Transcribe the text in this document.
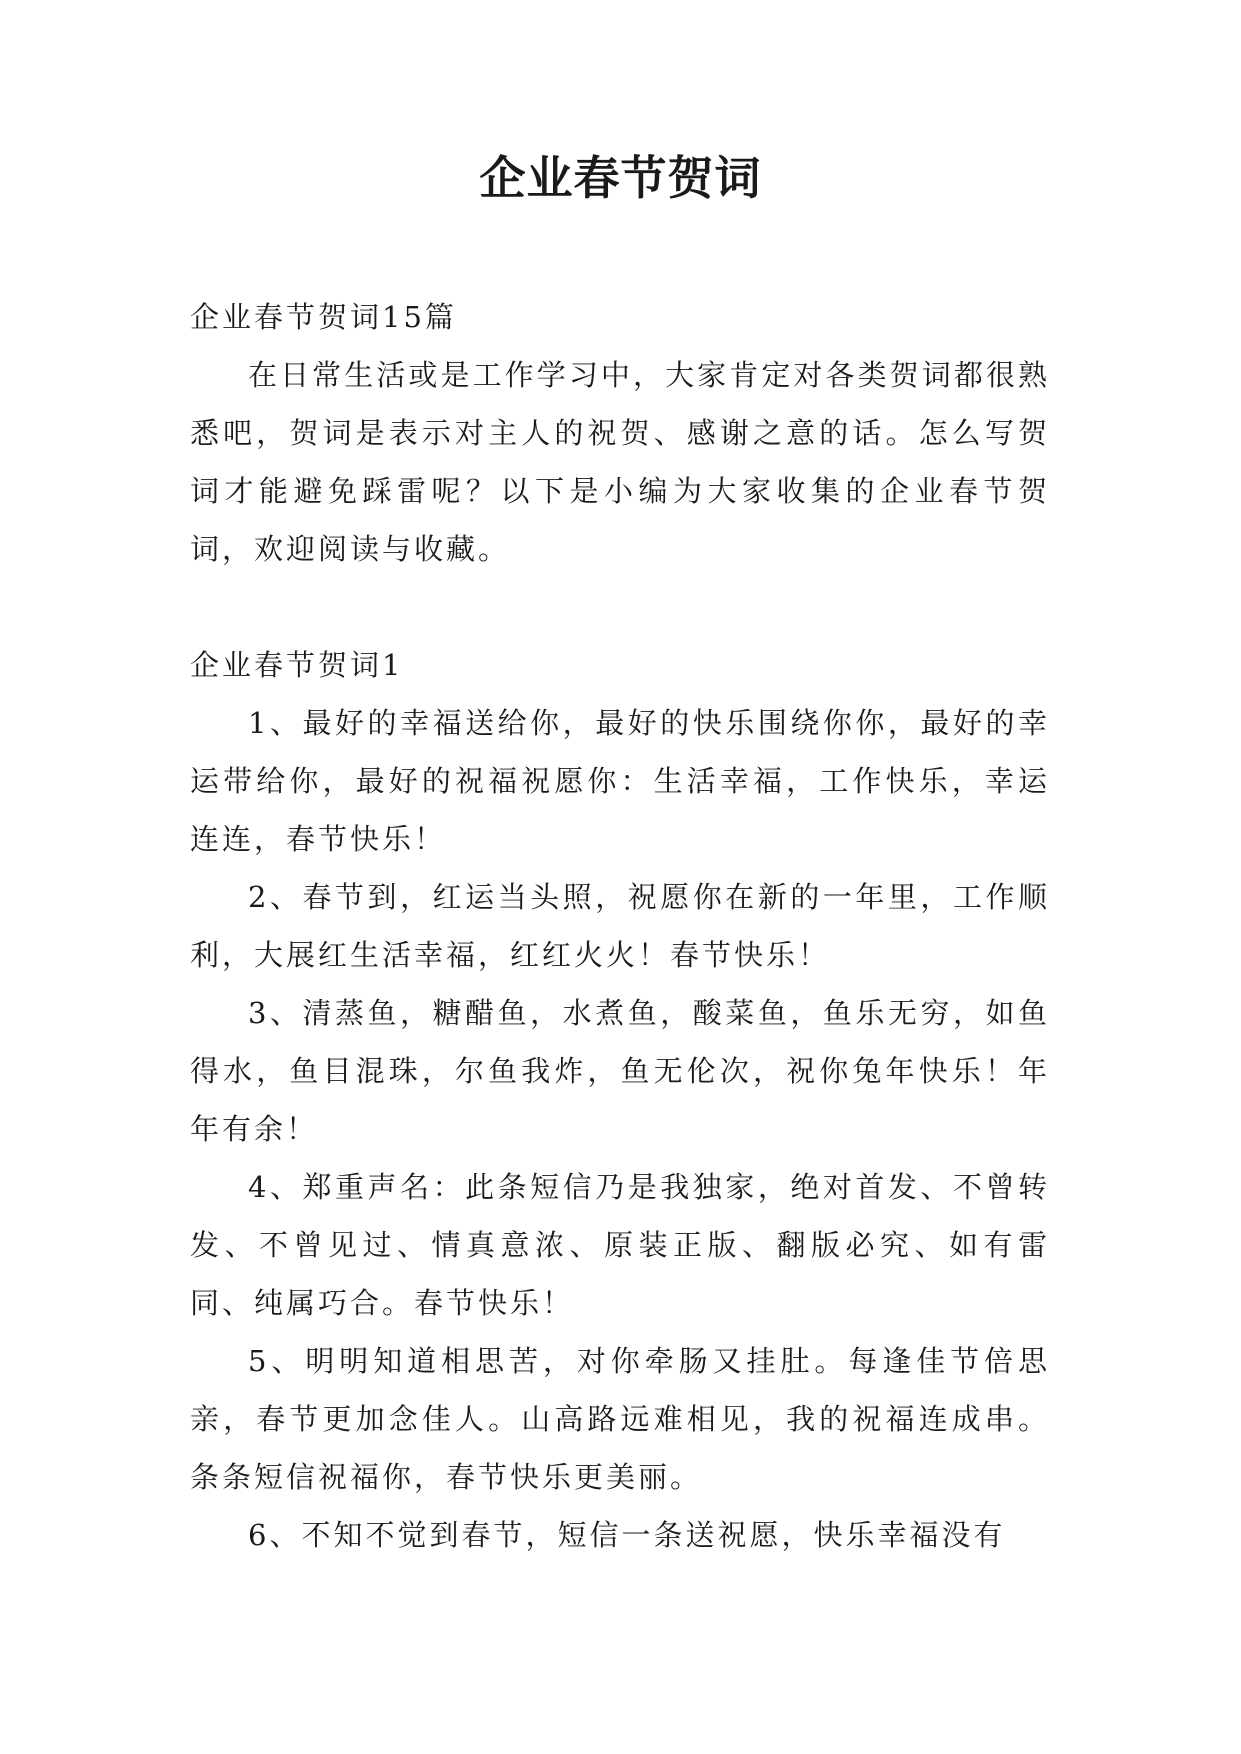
企业春节贺词

企业春节贺词15篇

在日常生活或是工作学习中，大家肯定对各类贺词都很熟悉吧，贺词是表示对主人的祝贺、感谢之意的话。怎么写贺词才能避免踩雷呢？以下是小编为大家收集的企业春节贺词，欢迎阅读与收藏。

企业春节贺词1

1、最好的幸福送给你，最好的快乐围绕你你，最好的幸运带给你，最好的祝福祝愿你：生活幸福，工作快乐，幸运连连，春节快乐！

2、春节到，红运当头照，祝愿你在新的一年里，工作顺利，大展红生活幸福，红红火火！春节快乐！

3、清蒸鱼，糖醋鱼，水煮鱼，酸菜鱼，鱼乐无穷，如鱼得水，鱼目混珠，尔鱼我炸，鱼无伦次，祝你兔年快乐！年年有余！

4、郑重声名：此条短信乃是我独家，绝对首发、不曾转发、不曾见过、情真意浓、原装正版、翻版必究、如有雷同、纯属巧合。春节快乐！

5、明明知道相思苦，对你牵肠又挂肚。每逢佳节倍思亲，春节更加念佳人。山高路远难相见，我的祝福连成串。条条短信祝福你，春节快乐更美丽。

6、不知不觉到春节，短信一条送祝愿，快乐幸福没有
